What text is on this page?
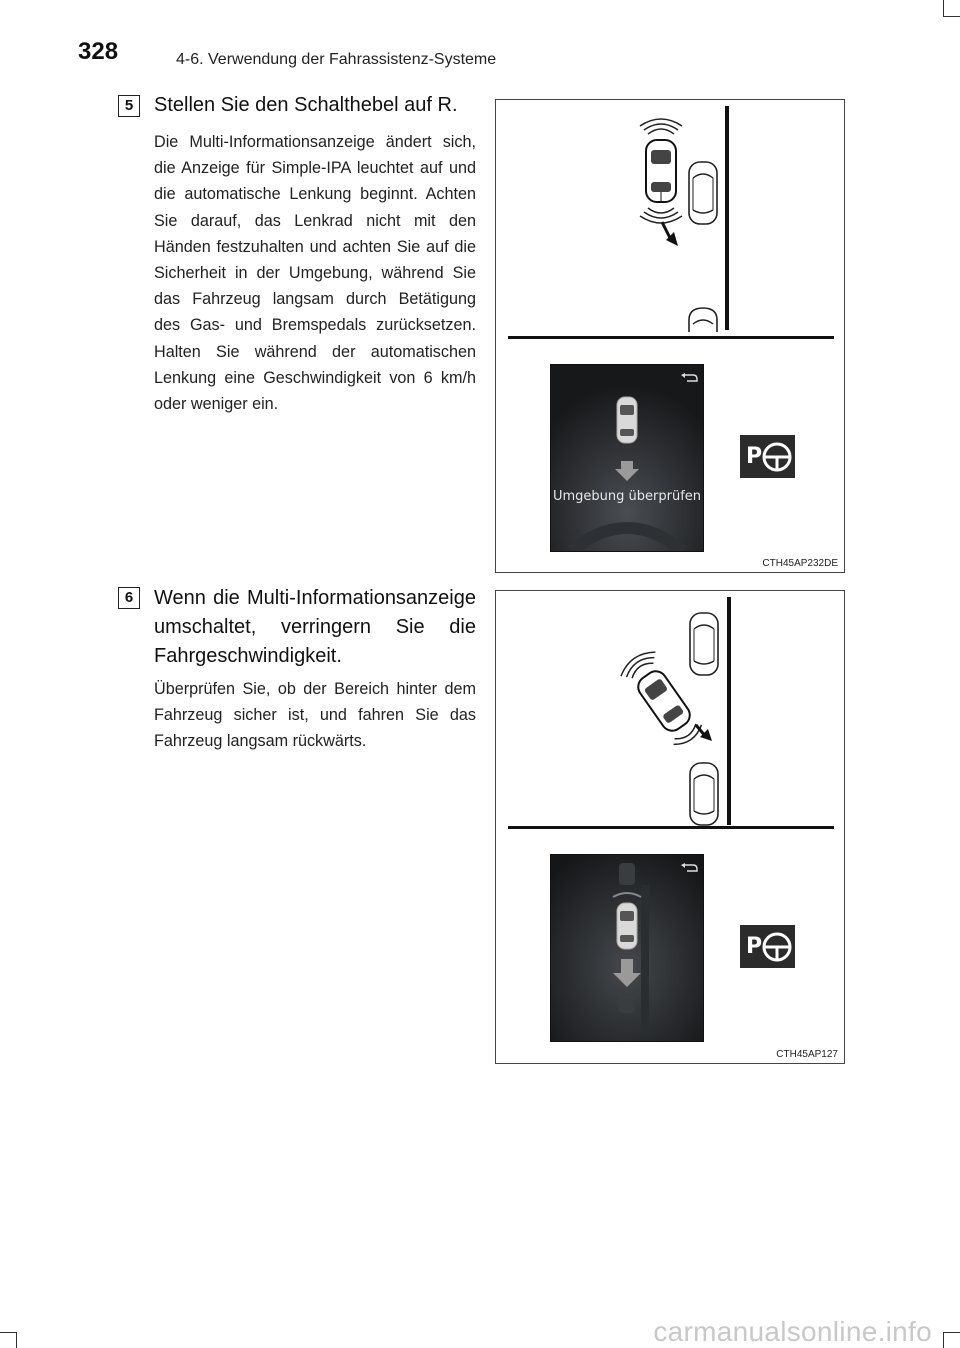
328	4-6. Verwendung der Fahrassistenz-Systeme
5	Stellen Sie den Schalthebel auf R.
Die Multi-Informationsanzeige ändert sich, die Anzeige für Simple-IPA leuchtet auf und die automatische Lenkung beginnt. Achten Sie darauf, das Lenkrad nicht mit den Händen festzuhalten und achten Sie auf die Sicherheit in der Umgebung, während Sie das Fahrzeug langsam durch Betätigung des Gas- und Bremspedals zurücksetzen. Halten Sie während der automatischen Lenkung eine Geschwindigkeit von 6 km/h oder weniger ein.
P
Umgebung überprüfen
CTH45AP232DE
6	Wenn die Multi-Informationsanzeige umschaltet, verringern Sie die Fahrgeschwindigkeit.
Überprüfen Sie, ob der Bereich hinter dem Fahrzeug sicher ist, und fahren Sie das Fahrzeug langsam rückwärts.
P
CTH45AP127
carmanualsonline.info
